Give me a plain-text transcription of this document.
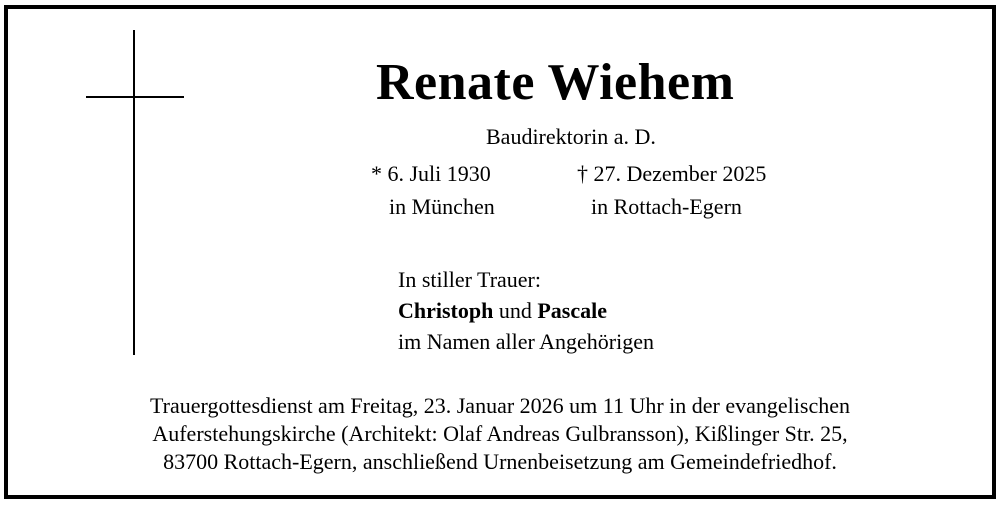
Renate Wiehem
Baudirektorin a. D.
* 6. Juli 1930
in München
† 27. Dezember 2025
in Rottach-Egern
In stiller Trauer:
Christoph und Pascale
im Namen aller Angehörigen
Trauergottesdienst am Freitag, 23. Januar 2026 um 11 Uhr in der evangelischen
Auferstehungskirche (Architekt: Olaf Andreas Gulbransson), Kißlinger Str. 25,
83700 Rottach-Egern, anschließend Urnenbeisetzung am Gemeindefriedhof.
